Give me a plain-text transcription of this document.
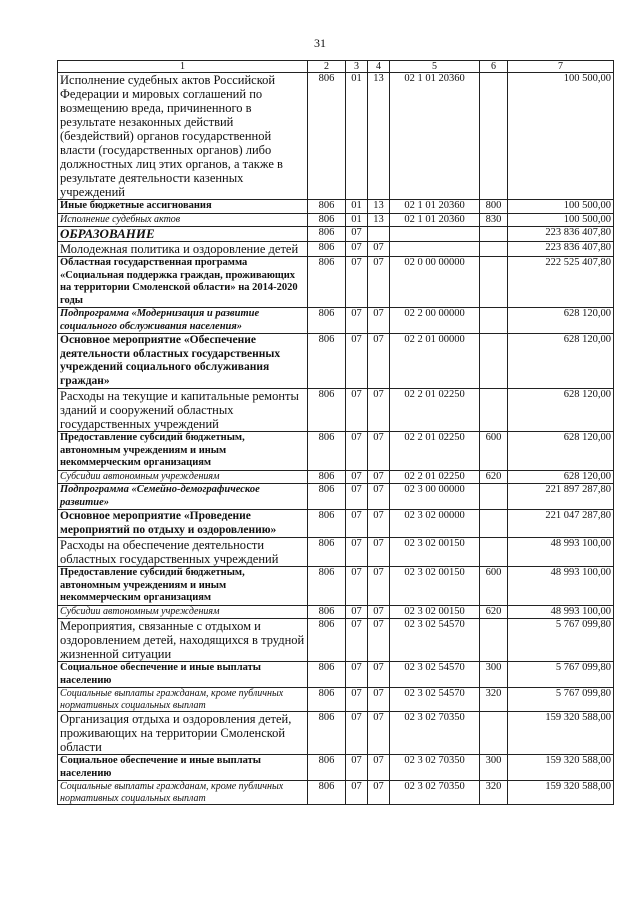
31
1	2	3	4	5	6	7
Исполнение судебных актов Российской Федерации и мировых соглашений по возмещению вреда, причиненного в результате незаконных действий (бездействий) органов государственной власти (государственных органов) либо должностных лиц этих органов, а также в результате деятельности казенных учреждений	806	01	13	02 1 01 20360		100 500,00
Иные бюджетные ассигнования	806	01	13	02 1 01 20360	800	100 500,00
Исполнение судебных актов	806	01	13	02 1 01 20360	830	100 500,00
ОБРАЗОВАНИЕ	806	07				223 836 407,80
Молодежная политика и оздоровление детей	806	07	07			223 836 407,80
Областная государственная программа «Социальная поддержка граждан, проживающих на территории Смоленской области» на 2014-2020 годы	806	07	07	02 0 00 00000		222 525 407,80
Подпрограмма «Модернизация и развитие социального обслуживания населения»	806	07	07	02 2 00 00000		628 120,00
Основное мероприятие «Обеспечение деятельности областных государственных учреждений социального обслуживания граждан»	806	07	07	02 2 01 00000		628 120,00
Расходы на текущие и капитальные ремонты зданий и сооружений областных государственных учреждений	806	07	07	02 2 01 02250		628 120,00
Предоставление субсидий бюджетным, автономным учреждениям и иным некоммерческим организациям	806	07	07	02 2 01 02250	600	628 120,00
Субсидии автономным учреждениям	806	07	07	02 2 01 02250	620	628 120,00
Подпрограмма «Семейно-демографическое развитие»	806	07	07	02 3 00 00000		221 897 287,80
Основное мероприятие «Проведение мероприятий по отдыху и оздоровлению»	806	07	07	02 3 02 00000		221 047 287,80
Расходы на обеспечение деятельности областных государственных учреждений	806	07	07	02 3 02 00150		48 993 100,00
Предоставление субсидий бюджетным, автономным учреждениям и иным некоммерческим организациям	806	07	07	02 3 02 00150	600	48 993 100,00
Субсидии автономным учреждениям	806	07	07	02 3 02 00150	620	48 993 100,00
Мероприятия, связанные с отдыхом и оздоровлением детей, находящихся в трудной жизненной ситуации	806	07	07	02 3 02 54570		5 767 099,80
Социальное обеспечение и иные выплаты населению	806	07	07	02 3 02 54570	300	5 767 099,80
Социальные выплаты гражданам, кроме публичных нормативных социальных выплат	806	07	07	02 3 02 54570	320	5 767 099,80
Организация отдыха и оздоровления детей, проживающих на территории Смоленской области	806	07	07	02 3 02 70350		159 320 588,00
Социальное обеспечение и иные выплаты населению	806	07	07	02 3 02 70350	300	159 320 588,00
Социальные выплаты гражданам, кроме публичных нормативных социальных выплат	806	07	07	02 3 02 70350	320	159 320 588,00
